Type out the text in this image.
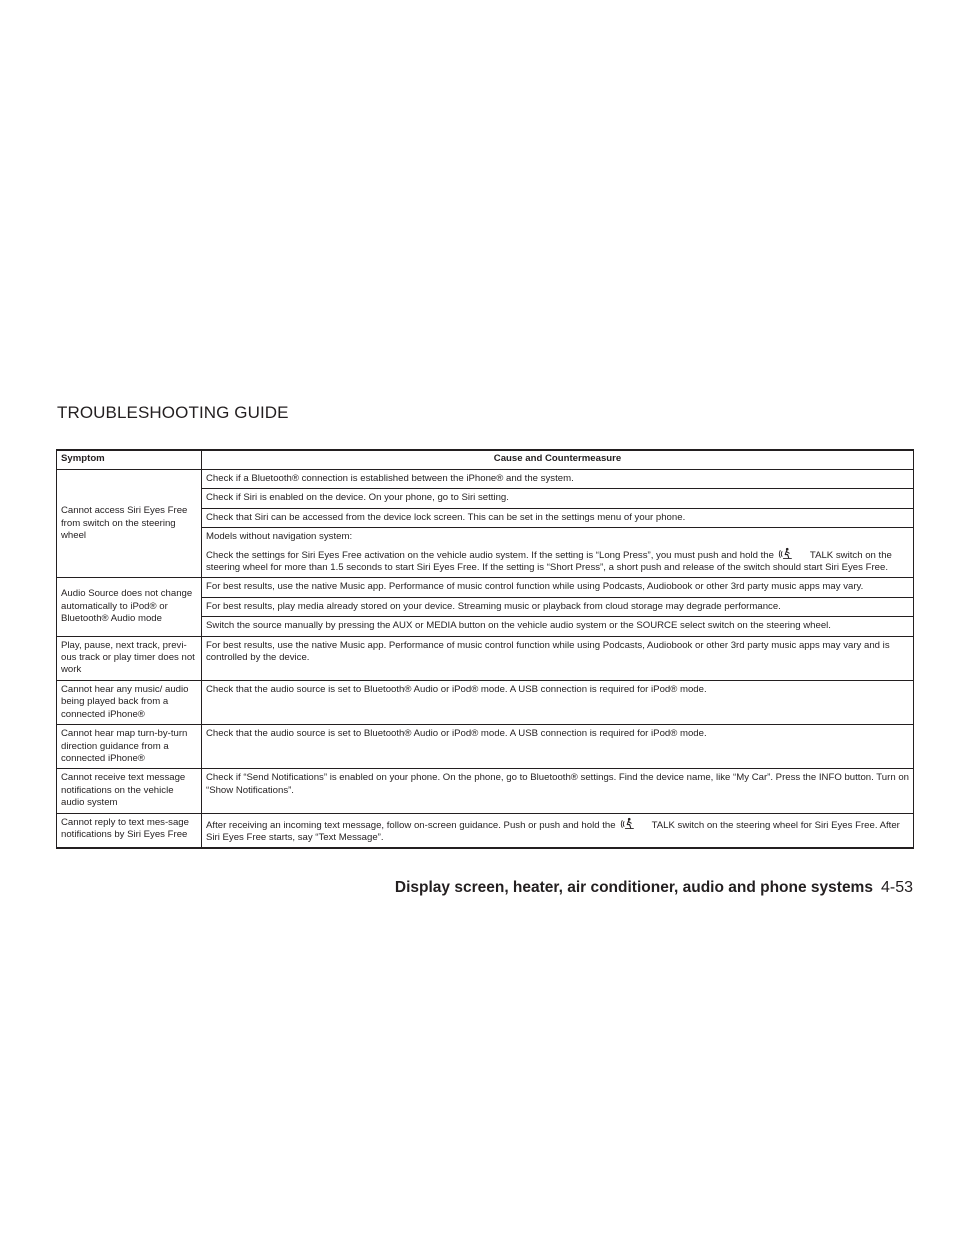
TROUBLESHOOTING GUIDE
Symptom	Cause and Countermeasure
Cannot access Siri Eyes Free from switch on the steering wheel	Check if a Bluetooth® connection is established between the iPhone® and the system.
	Check if Siri is enabled on the device. On your phone, go to Siri setting.
	Check that Siri can be accessed from the device lock screen. This can be set in the settings menu of your phone.

	Models without navigation system:
Check the settings for Siri Eyes Free activation on the vehicle audio system. If the setting is “Long Press”, you must push and hold the TALK switch on the steering wheel for more than 1.5 seconds to start Siri Eyes Free. If the setting is “Short Press”, a short push and release of the switch should start Siri Eyes Free.

Audio Source does not change automatically to iPod® or Bluetooth® Audio mode	For best results, use the native Music app. Performance of music control function while using Podcasts, Audiobook or other 3rd party music apps may vary.
	For best results, play media already stored on your device. Streaming music or playback from cloud storage may degrade performance.
	Switch the source manually by pressing the AUX or MEDIA button on the vehicle audio system or the SOURCE select switch on the steering wheel.
Play, pause, next track, previ-ous track or play timer does not work	For best results, use the native Music app. Performance of music control function while using Podcasts, Audiobook or other 3rd party music apps may vary and is controlled by the device.
Cannot hear any music/ audio being played back from a connected iPhone®	Check that the audio source is set to Bluetooth® Audio or iPod® mode. A USB connection is required for iPod® mode.
Cannot hear map turn-by-turn direction guidance from a connected iPhone®	Check that the audio source is set to Bluetooth® Audio or iPod® mode. A USB connection is required for iPod® mode.
Cannot receive text message notifications on the vehicle audio system	Check if “Send Notifications” is enabled on your phone. On the phone, go to Bluetooth® settings. Find the device name, like “My Car”. Press the INFO button. Turn on “Show Notifications”.
Cannot reply to text mes-sage notifications by Siri Eyes Free	After receiving an incoming text message, follow on-screen guidance. Push or push and hold the TALK switch on the steering wheel for Siri Eyes Free. After Siri Eyes Free starts, say “Text Message”.
Display screen, heater, air conditioner, audio and phone systems 4-53
